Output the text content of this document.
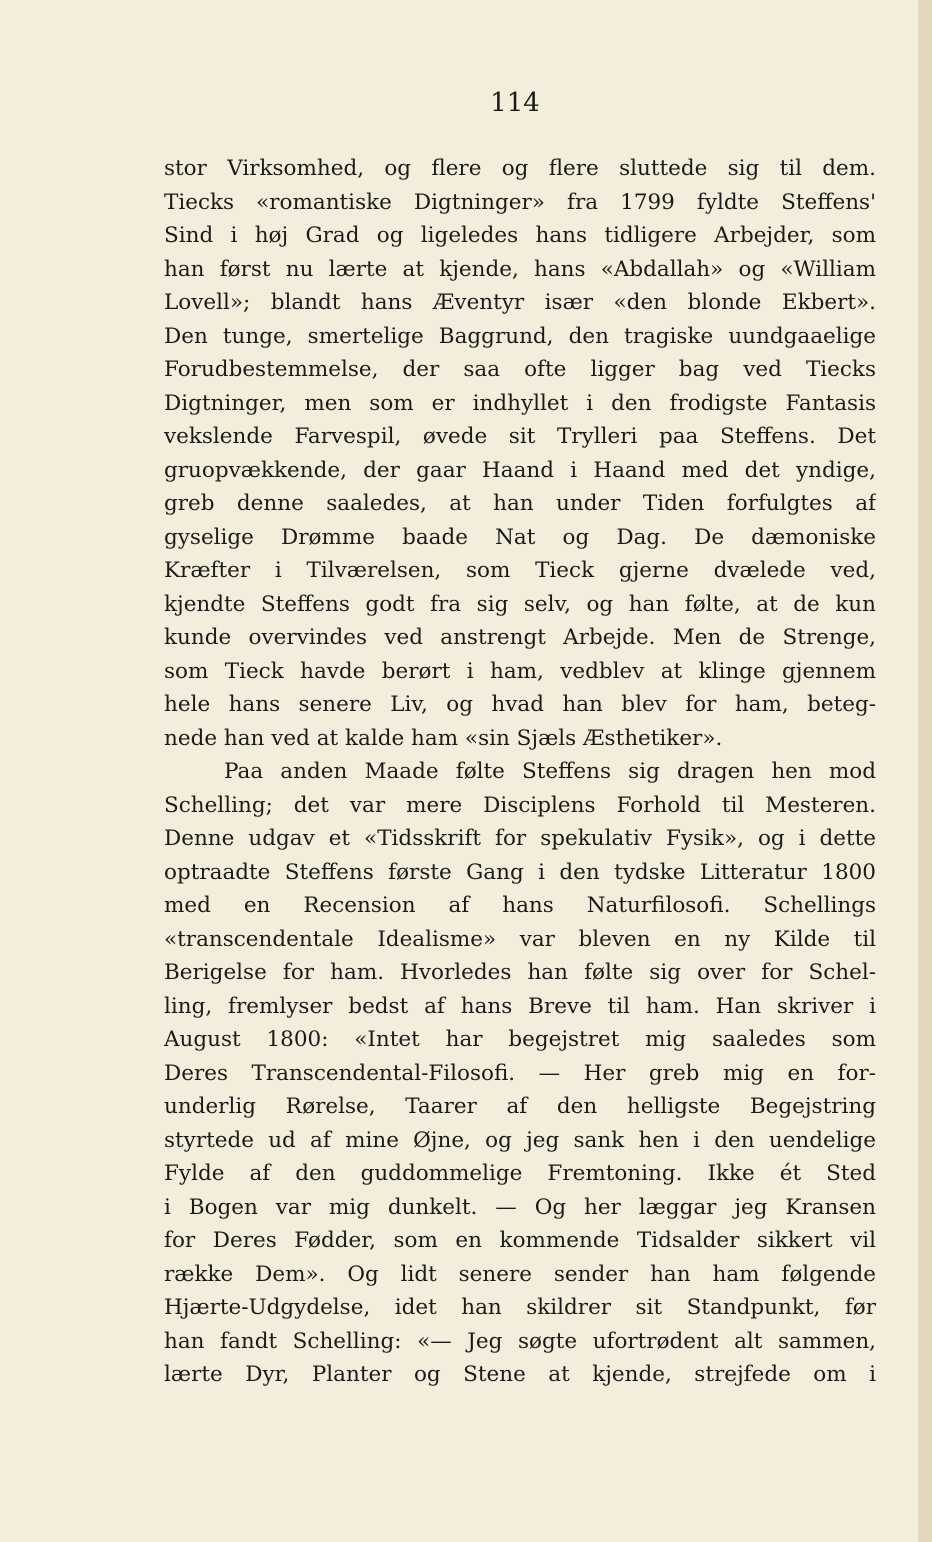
114
stor Virksomhed, og flere og flere sluttede sig til dem.
Tiecks «romantiske Digtninger» fra 1799 fyldte Steffens'
Sind i høj Grad og ligeledes hans tidligere Arbejder, som
han først nu lærte at kjende, hans «Abdallah» og «William
Lovell»; blandt hans Æventyr især «den blonde Ekbert».
Den tunge, smertelige Baggrund, den tragiske uundgaaelige
Forudbestemmelse, der saa ofte ligger bag ved Tiecks
Digtninger, men som er indhyllet i den frodigste Fantasis
vekslende Farvespil, øvede sit Trylleri paa Steffens. Det
gruopvækkende, der gaar Haand i Haand med det yndige,
greb denne saaledes, at han under Tiden forfulgtes af
gyselige Drømme baade Nat og Dag. De dæmoniske
Kræfter i Tilværelsen, som Tieck gjerne dvælede ved,
kjendte Steffens godt fra sig selv, og han følte, at de kun
kunde overvindes ved anstrengt Arbejde. Men de Strenge,
som Tieck havde berørt i ham, vedblev at klinge gjennem
hele hans senere Liv, og hvad han blev for ham, beteg-
nede han ved at kalde ham «sin Sjæls Æsthetiker».
Paa anden Maade følte Steffens sig dragen hen mod
Schelling; det var mere Disciplens Forhold til Mesteren.
Denne udgav et «Tidsskrift for spekulativ Fysik», og i dette
optraadte Steffens første Gang i den tydske Litteratur 1800
med en Recension af hans Naturfilosofi. Schellings
«transcendentale Idealisme» var bleven en ny Kilde til
Berigelse for ham. Hvorledes han følte sig over for Schel-
ling, fremlyser bedst af hans Breve til ham. Han skriver i
August 1800: «Intet har begejstret mig saaledes som
Deres Transcendental-Filosofi. — Her greb mig en for-
underlig Rørelse, Taarer af den helligste Begejstring
styrtede ud af mine Øjne, og jeg sank hen i den uendelige
Fylde af den guddommelige Fremtoning. Ikke ét Sted
i Bogen var mig dunkelt. — Og her læggar jeg Kransen
for Deres Fødder, som en kommende Tidsalder sikkert vil
række Dem». Og lidt senere sender han ham følgende
Hjærte-Udgydelse, idet han skildrer sit Standpunkt, før
han fandt Schelling: «— Jeg søgte ufortrødent alt sammen,
lærte Dyr, Planter og Stene at kjende, strejfede om i
